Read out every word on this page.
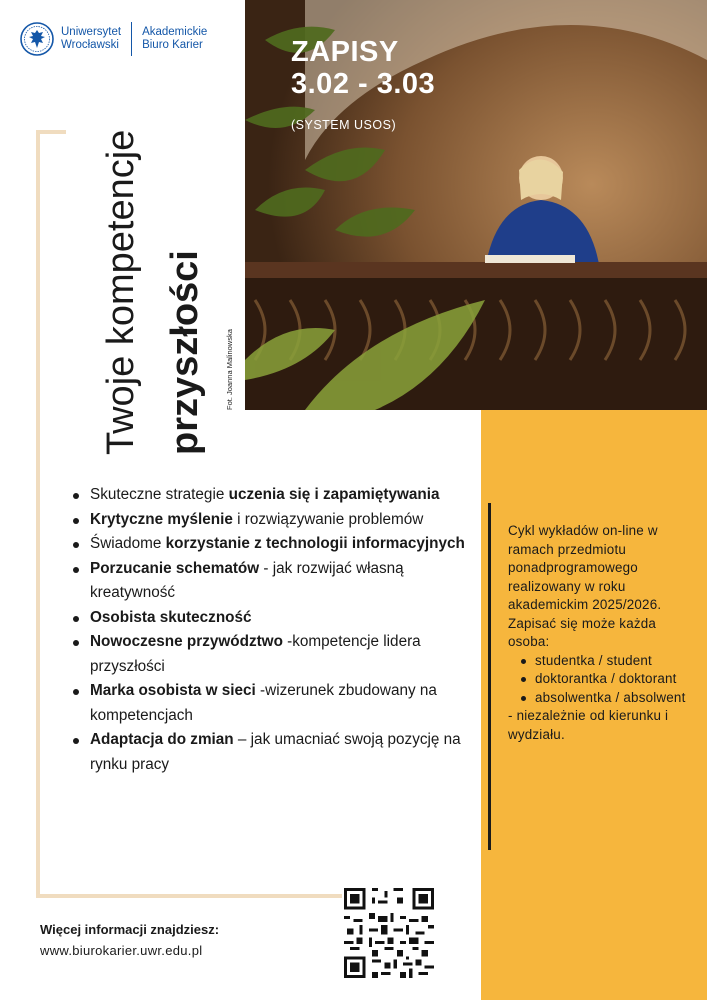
Uniwersytet
Wrocławski
Akademickie
Biuro Karier	ZAPISY
3.02 - 3.03
(SYSTEM USOS)
Fot. Joanna Malinowska
Twoje kompetencje przyszłości
Skuteczne strategie uczenia się i zapamiętywania
Krytyczne myślenie i rozwiązywanie problemów
Świadome korzystanie z technologii informacyjnych
Porzucanie schematów - jak rozwijać własną kreatywność
Osobista skuteczność
Nowoczesne przywództwo -kompetencje lidera przyszłości
Marka osobista w sieci -wizerunek zbudowany na kompetencjach
Adaptacja do zmian – jak umacniać swoją pozycję na rynku pracy
Cykl wykładów on-line w ramach przedmiotu ponadprogramowego realizowany w roku akademickim 2025/2026.
Zapisać się może każda osoba:
studentka / student
doktorantka / doktorant
absolwentka / absolwent
- niezależnie od kierunku i wydziału.
Więcej informacji znajdziesz:
www.biurokarier.uwr.edu.pl
